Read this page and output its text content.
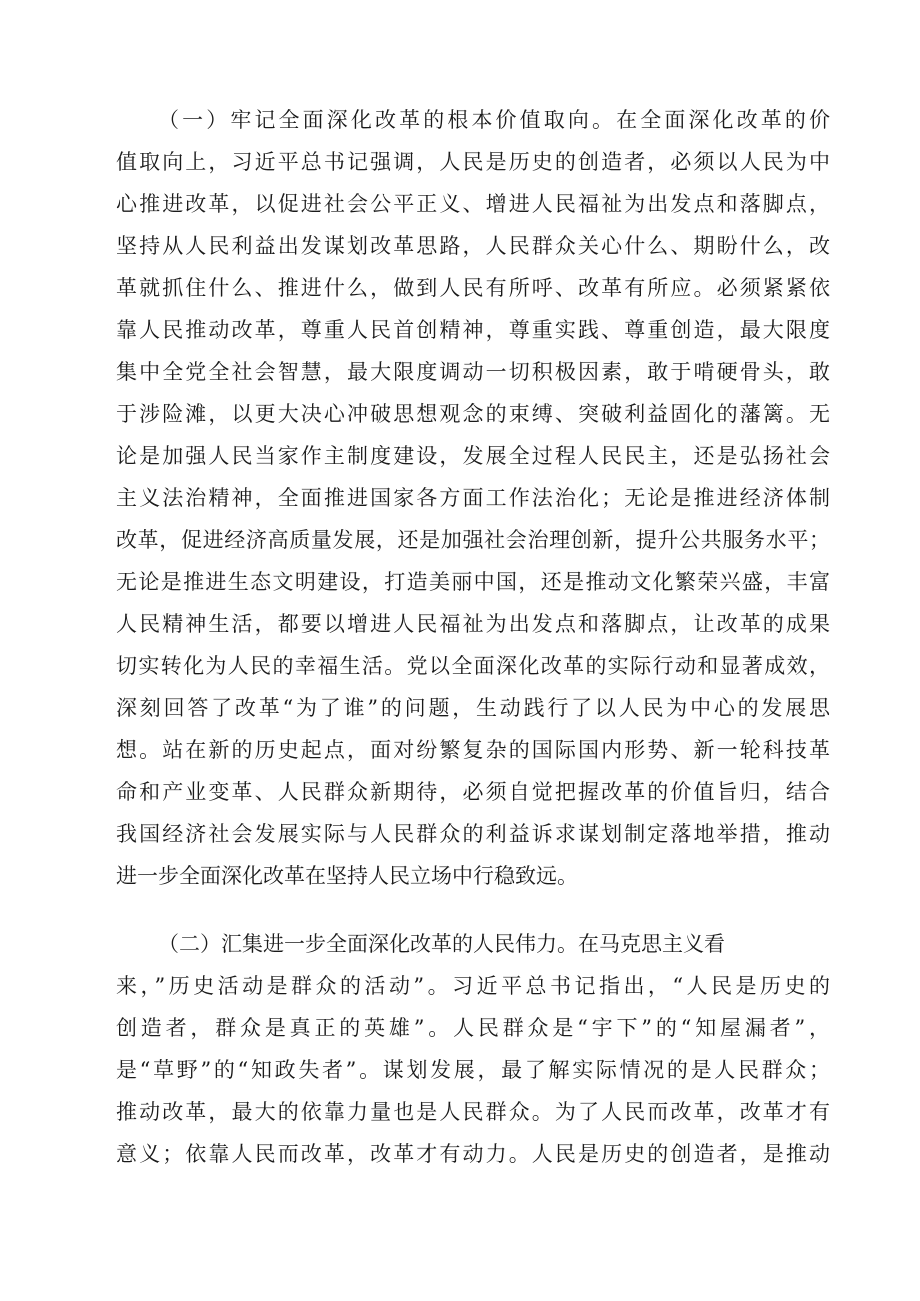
（一）牢记全面深化改革的根本价值取向。在全面深化改革的价
值取向上，习近平总书记强调，人民是历史的创造者，必须以人民为中
心推进改革，以促进社会公平正义、增进人民福祉为出发点和落脚点，
坚持从人民利益出发谋划改革思路，人民群众关心什么、期盼什么，改
革就抓住什么、推进什么，做到人民有所呼、改革有所应。必须紧紧依
靠人民推动改革，尊重人民首创精神，尊重实践、尊重创造，最大限度
集中全党全社会智慧，最大限度调动一切积极因素，敢于啃硬骨头，敢
于涉险滩，以更大决心冲破思想观念的束缚、突破利益固化的藩篱。无
论是加强人民当家作主制度建设，发展全过程人民民主，还是弘扬社会
主义法治精神，全面推进国家各方面工作法治化；无论是推进经济体制
改革，促进经济高质量发展，还是加强社会治理创新，提升公共服务水平；
无论是推进生态文明建设，打造美丽中国，还是推动文化繁荣兴盛，丰富
人民精神生活，都要以增进人民福祉为出发点和落脚点，让改革的成果
切实转化为人民的幸福生活。党以全面深化改革的实际行动和显著成效，
深刻回答了改革“为了谁”的问题，生动践行了以人民为中心的发展思
想。站在新的历史起点，面对纷繁复杂的国际国内形势、新一轮科技革
命和产业变革、人民群众新期待，必须自觉把握改革的价值旨归，结合
我国经济社会发展实际与人民群众的利益诉求谋划制定落地举措，推动
进一步全面深化改革在坚持人民立场中行稳致远。
（二）汇集进一步全面深化改革的人民伟力。在马克思主义看
来，”历史活动是群众的活动”。习近平总书记指出，“人民是历史的
创造者，群众是真正的英雄”。人民群众是“宇下”的“知屋漏者”，
是“草野”的“知政失者”。谋划发展，最了解实际情况的是人民群众；
推动改革，最大的依靠力量也是人民群众。为了人民而改革，改革才有
意义；依靠人民而改革，改革才有动力。人民是历史的创造者，是推动
